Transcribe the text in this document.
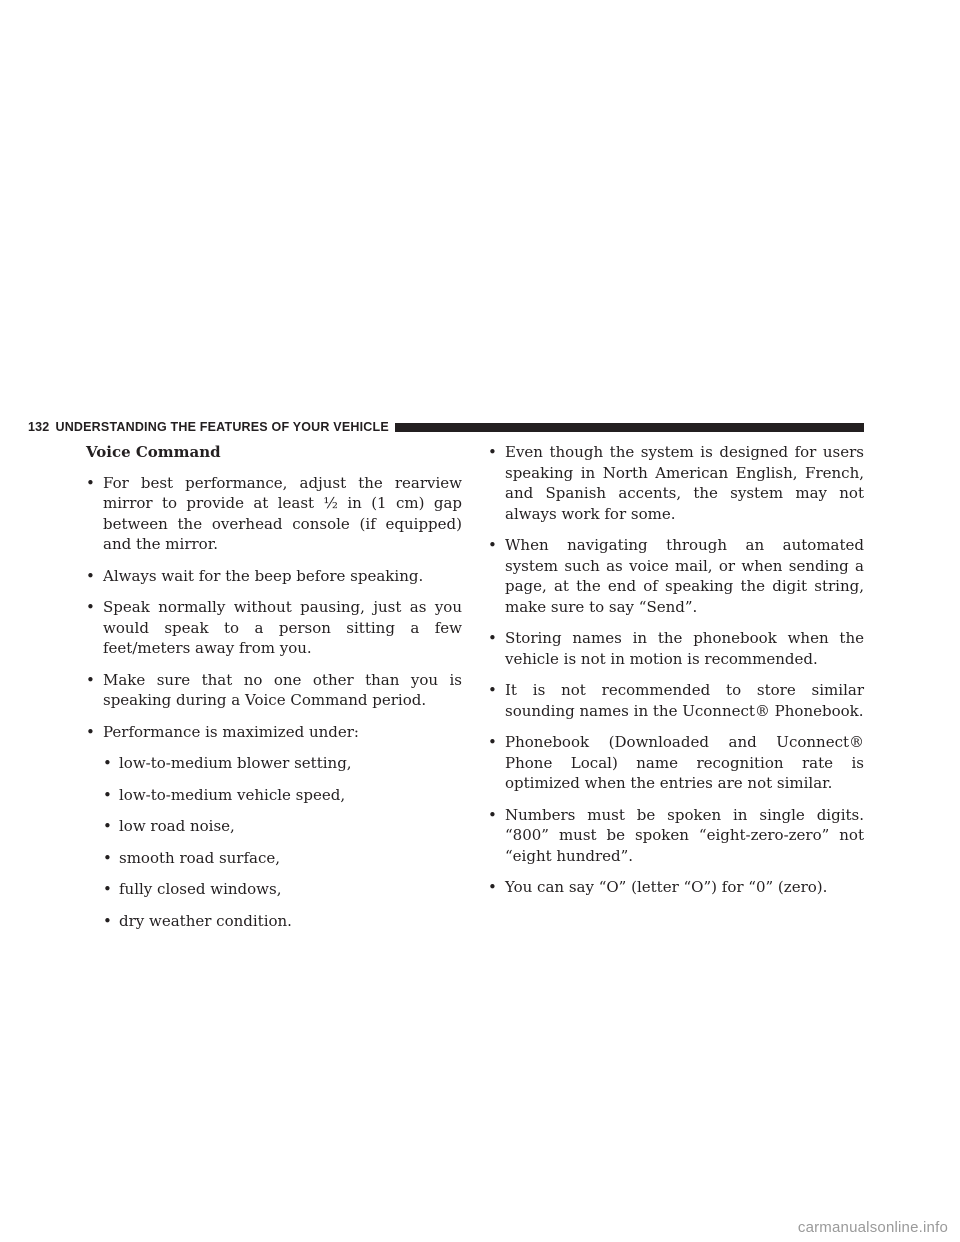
132 UNDERSTANDING THE FEATURES OF YOUR VEHICLE
Voice Command
• For best performance, adjust the rearview mirror to provide at least ½ in (1 cm) gap between the overhead console (if equipped) and the mirror.
• Always wait for the beep before speaking.
• Speak normally without pausing, just as you would speak to a person sitting a few feet/meters away from you.
• Make sure that no one other than you is speaking during a Voice Command period.
• Performance is maximized under:
• low-to-medium blower setting,
• low-to-medium vehicle speed,
• low road noise,
• smooth road surface,
• fully closed windows,
• dry weather condition.
• Even though the system is designed for users speaking in North American English, French, and Spanish accents, the system may not always work for some.
• When navigating through an automated system such as voice mail, or when sending a page, at the end of speaking the digit string, make sure to say “Send”.
• Storing names in the phonebook when the vehicle is not in motion is recommended.
• It is not recommended to store similar sounding names in the Uconnect® Phonebook.
• Phonebook (Downloaded and Uconnect® Phone Local) name recognition rate is optimized when the entries are not similar.
• Numbers must be spoken in single digits. “800” must be spoken “eight-zero-zero” not “eight hundred”.
• You can say “O” (letter “O”) for “0” (zero).
carmanualsonline.info
